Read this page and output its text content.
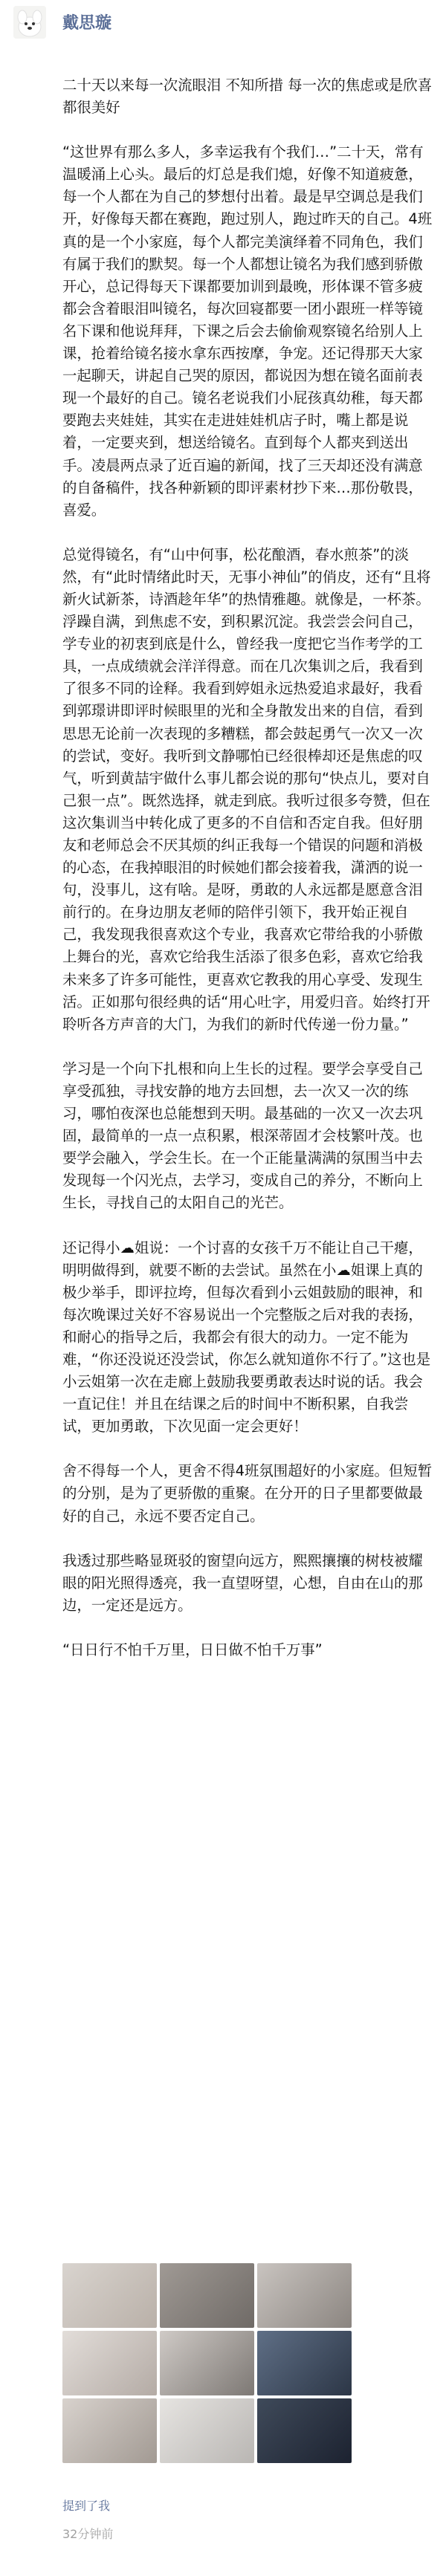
戴思璇

二十天以来每一次流眼泪 不知所措 每一次的焦虑或是欣喜 都很美好

“这世界有那么多人，多幸运我有个我们…”二十天，常有温暖涌上心头。最后的灯总是我们熄，好像不知道疲惫，每一个人都在为自己的梦想付出着。最是早空调总是我们开，好像每天都在赛跑，跑过别人，跑过昨天的自己。4班真的是一个小家庭，每个人都完美演绎着不同角色，我们有属于我们的默契。每一个人都想让镜名为我们感到骄傲开心，总记得每天下课都要加训到最晚，形体课不管多疲都会含着眼泪叫镜名，每次回寝都要一团小跟班一样等镜名下课和他说拜拜，下课之后会去偷偷观察镜名给别人上课，抢着给镜名接水拿东西按摩，争宠。还记得那天大家一起聊天，讲起自己哭的原因，都说因为想在镜名面前表现一个最好的自己。镜名老说我们小屁孩真幼稚，每天都要跑去夹娃娃，其实在走进娃娃机店子时，嘴上都是说着，一定要夹到，想送给镜名。直到每个人都夹到送出手。凌晨两点录了近百遍的新闻，找了三天却还没有满意的自备稿件，找各种新颖的即评素材抄下来…那份敬畏，喜爱。

总觉得镜名，有“山中何事，松花酿酒，春水煎茶”的淡然，有“此时情绪此时天，无事小神仙”的俏皮，还有“且将新火试新茶，诗酒趁年华”的热情雅趣。就像是，一杯茶。浮躁自满，到焦虑不安，到积累沉淀。我尝尝会问自己，学专业的初衷到底是什么，曾经我一度把它当作考学的工具，一点成绩就会洋洋得意。而在几次集训之后，我看到了很多不同的诠释。我看到婷姐永远热爱追求最好，我看到郭璟讲即评时候眼里的光和全身散发出来的自信，看到思思无论前一次表现的多糟糕，都会鼓起勇气一次又一次的尝试，变好。我听到文静哪怕已经很棒却还是焦虑的叹气，听到黄喆宇做什么事儿都会说的那句“快点儿，要对自己狠一点”。既然选择，就走到底。我听过很多夸赞，但在这次集训当中转化成了更多的不自信和否定自我。但好朋友和老师总会不厌其烦的纠正我每一个错误的问题和消极的心态，在我掉眼泪的时候她们都会接着我，潇洒的说一句，没事儿，这有啥。是呀，勇敢的人永远都是愿意含泪前行的。在身边朋友老师的陪伴引领下，我开始正视自己，我发现我很喜欢这个专业，我喜欢它带给我的小骄傲上舞台的光，喜欢它给我生活添了很多色彩，喜欢它给我未来多了许多可能性，更喜欢它教我的用心享受、发现生活。正如那句很经典的话“用心吐字，用爱归音。始终打开聆听各方声音的大门，为我们的新时代传递一份力量。”

学习是一个向下扎根和向上生长的过程。要学会享受自己享受孤独，寻找安静的地方去回想，去一次又一次的练习，哪怕夜深也总能想到天明。最基础的一次又一次去巩固，最简单的一点一点积累，根深蒂固才会枝繁叶茂。也要学会融入，学会生长。在一个正能量满满的氛围当中去发现每一个闪光点，去学习，变成自己的养分，不断向上生长，寻找自己的太阳自己的光芒。

还记得小☁姐说：一个讨喜的女孩千万不能让自己干瘪，明明做得到，就要不断的去尝试。虽然在小☁姐课上真的极少举手，即评拉垮，但每次看到小云姐鼓励的眼神，和每次晚课过关好不容易说出一个完整版之后对我的表扬，和耐心的指导之后，我都会有很大的动力。一定不能为难，“你还没说还没尝试，你怎么就知道你不行了。”这也是小云姐第一次在走廊上鼓励我要勇敢表达时说的话。我会一直记住！并且在结课之后的时间中不断积累，自我尝试，更加勇敢，下次见面一定会更好！

舍不得每一个人，更舍不得4班氛围超好的小家庭。但短暂的分别，是为了更骄傲的重聚。在分开的日子里都要做最好的自己，永远不要否定自己。

我透过那些略显斑驳的窗望向远方，熙熙攘攘的树枝被耀眼的阳光照得透亮，我一直望呀望，心想，自由在山的那边，一定还是远方。

“日日行不怕千万里，日日做不怕千万事”

提到了我
32分钟前
